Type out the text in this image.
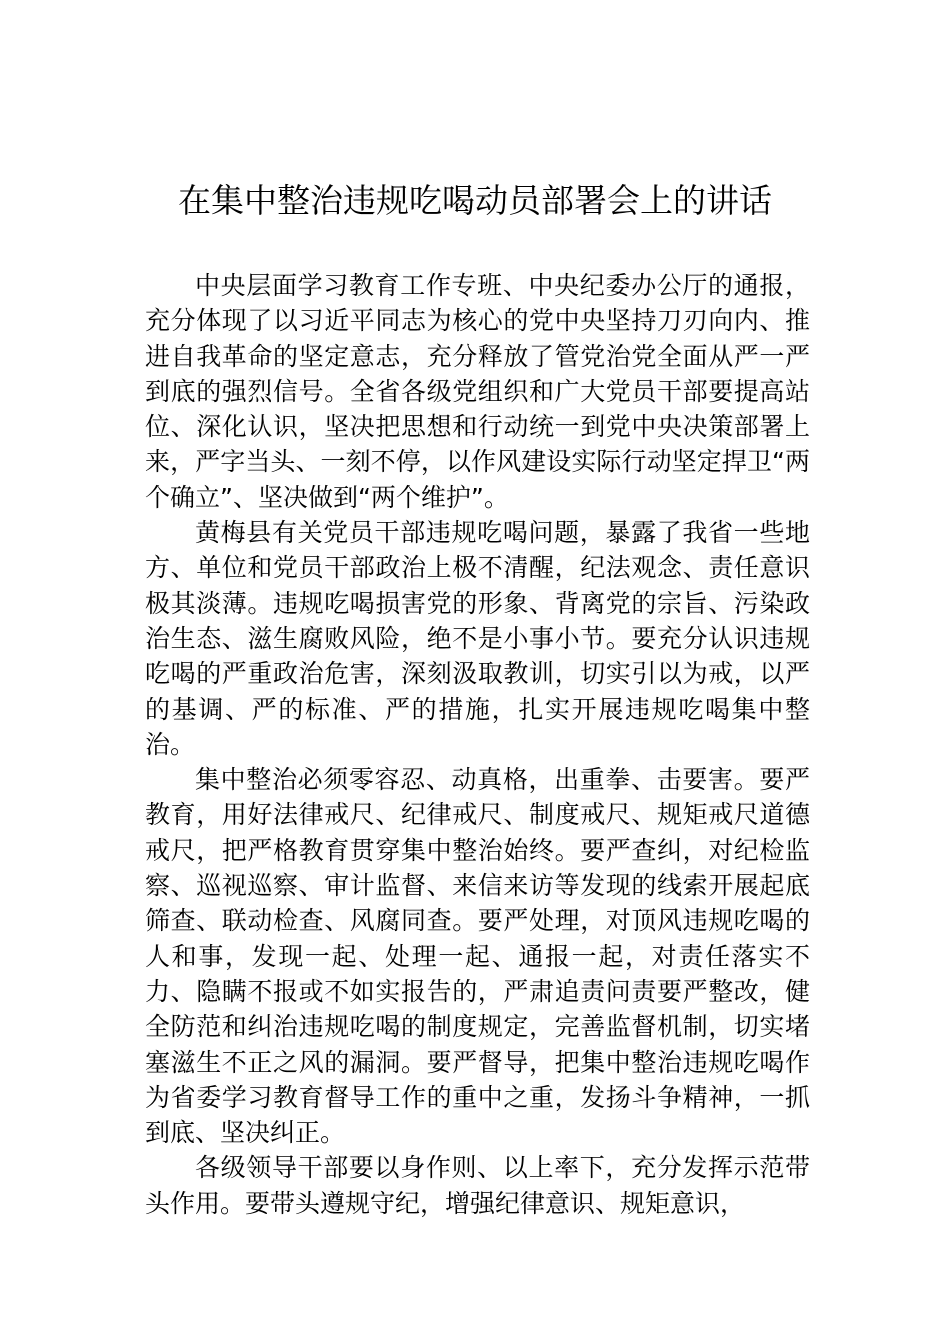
在集中整治违规吃喝动员部署会上的讲话

中央层面学习教育工作专班、中央纪委办公厅的通报，充分体现了以习近平同志为核心的党中央坚持刀刃向内、推进自我革命的坚定意志，充分释放了管党治党全面从严一严到底的强烈信号。全省各级党组织和广大党员干部要提高站位、深化认识，坚决把思想和行动统一到党中央决策部署上来，严字当头、一刻不停，以作风建设实际行动坚定捍卫“两个确立”、坚决做到“两个维护”。

黄梅县有关党员干部违规吃喝问题，暴露了我省一些地方、单位和党员干部政治上极不清醒，纪法观念、责任意识极其淡薄。违规吃喝损害党的形象、背离党的宗旨、污染政治生态、滋生腐败风险，绝不是小事小节。要充分认识违规吃喝的严重政治危害，深刻汲取教训，切实引以为戒，以严的基调、严的标准、严的措施，扎实开展违规吃喝集中整治。

集中整治必须零容忍、动真格，出重拳、击要害。要严教育，用好法律戒尺、纪律戒尺、制度戒尺、规矩戒尺道德戒尺，把严格教育贯穿集中整治始终。要严查纠，对纪检监察、巡视巡察、审计监督、来信来访等发现的线索开展起底筛查、联动检查、风腐同查。要严处理，对顶风违规吃喝的人和事，发现一起、处理一起、通报一起，对责任落实不力、隐瞒不报或不如实报告的，严肃追责问责要严整改，健全防范和纠治违规吃喝的制度规定，完善监督机制，切实堵塞滋生不正之风的漏洞。要严督导，把集中整治违规吃喝作为省委学习教育督导工作的重中之重，发扬斗争精神，一抓到底、坚决纠正。

各级领导干部要以身作则、以上率下，充分发挥示范带头作用。要带头遵规守纪，增强纪律意识、规矩意识，
